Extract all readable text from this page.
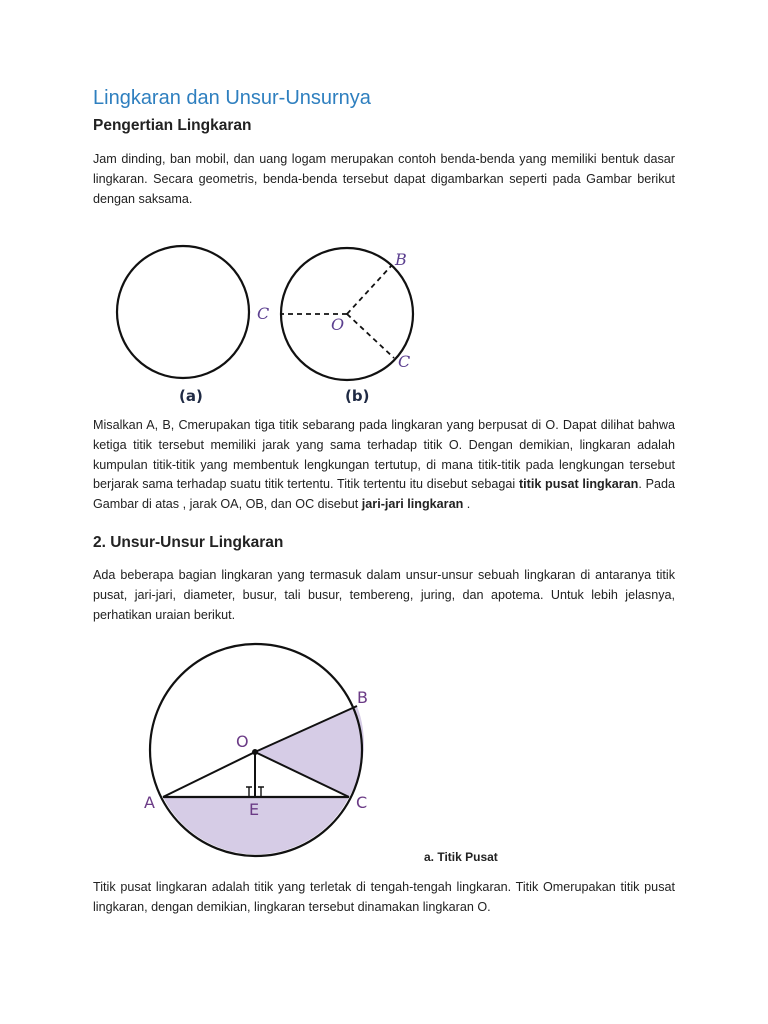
Lingkaran dan Unsur-Unsurnya
Pengertian Lingkaran

Jam dinding, ban mobil, dan uang logam merupakan contoh benda-benda yang memiliki bentuk dasar lingkaran. Secara geometris, benda-benda tersebut dapat digambarkan seperti pada Gambar berikut dengan saksama.

B
C
O
C
(a)	(b)
O
B
A	E	C

Misalkan A, B, Cmerupakan tiga titik sebarang pada lingkaran yang berpusat di O. Dapat dilihat bahwa ketiga titik tersebut memiliki jarak yang sama terhadap titik O. Dengan demikian, lingkaran adalah kumpulan titik-titik yang membentuk lengkungan tertutup, di mana titik-titik pada lengkungan tersebut berjarak sama terhadap suatu titik tertentu. Titik tertentu itu disebut sebagai titik pusat lingkaran. Pada Gambar di atas , jarak OA, OB, dan OC disebut jari-jari lingkaran .

2. Unsur-Unsur Lingkaran

Ada beberapa bagian lingkaran yang termasuk dalam unsur-unsur sebuah lingkaran di antaranya titik pusat, jari-jari, diameter, busur, tali busur, tembereng, juring, dan apotema. Untuk lebih jelasnya, perhatikan uraian berikut.

a. Titik Pusat

Titik pusat lingkaran adalah titik yang terletak di tengah-tengah lingkaran. Titik Omerupakan titik pusat lingkaran, dengan demikian, lingkaran tersebut dinamakan lingkaran O.
